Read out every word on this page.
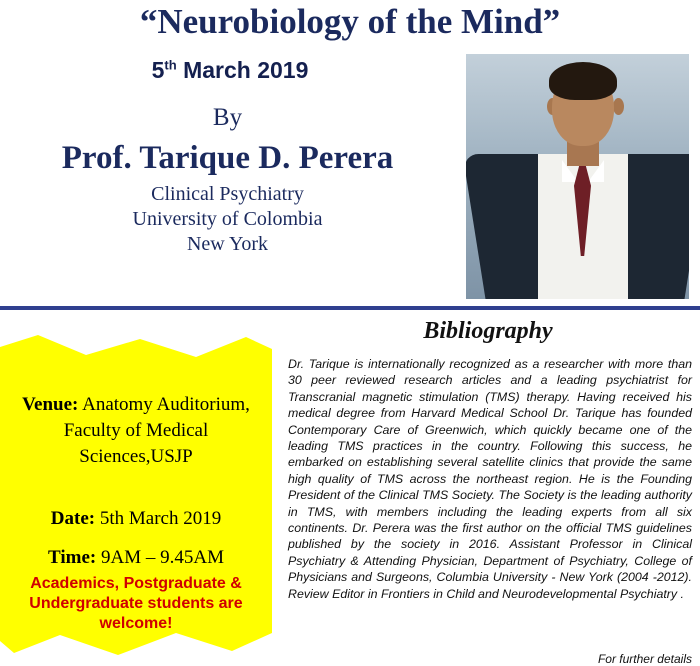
“Neurobiology of the Mind”
5th March 2019
By
Prof. Tarique D. Perera
Clinical Psychiatry
University of Colombia
New York
Venue: Anatomy Auditorium,
Faculty of Medical
Sciences,USJP
Date: 5th March 2019
Time: 9AM – 9.45AM
Academics, Postgraduate &
Undergraduate students are
welcome!
Bibliography

Dr. Tarique is internationally recognized as a researcher with more than 30 peer reviewed research articles and a leading psychiatrist for Transcranial magnetic stimulation (TMS) therapy. Having received his medical degree from Harvard Medical School Dr. Tarique has founded Contemporary Care of Greenwich, which quickly became one of the leading TMS practices in the country. Following this success, he embarked on establishing several satellite clinics that provide the same high quality of TMS across the northeast region. He is the Founding President of the Clinical TMS Society. The Society is the leading authority in TMS, with members including the leading experts from all six continents. Dr. Perera was the first author on the official TMS guidelines published by the society in 2016. Assistant Professor in Clinical Psychiatry & Attending Physician, Department of Psychiatry, College of Physicians and Surgeons, Columbia University - New York (2004 -2012). Review Editor in Frontiers in Child and Neurodevelopmental Psychiatry .

For further details
